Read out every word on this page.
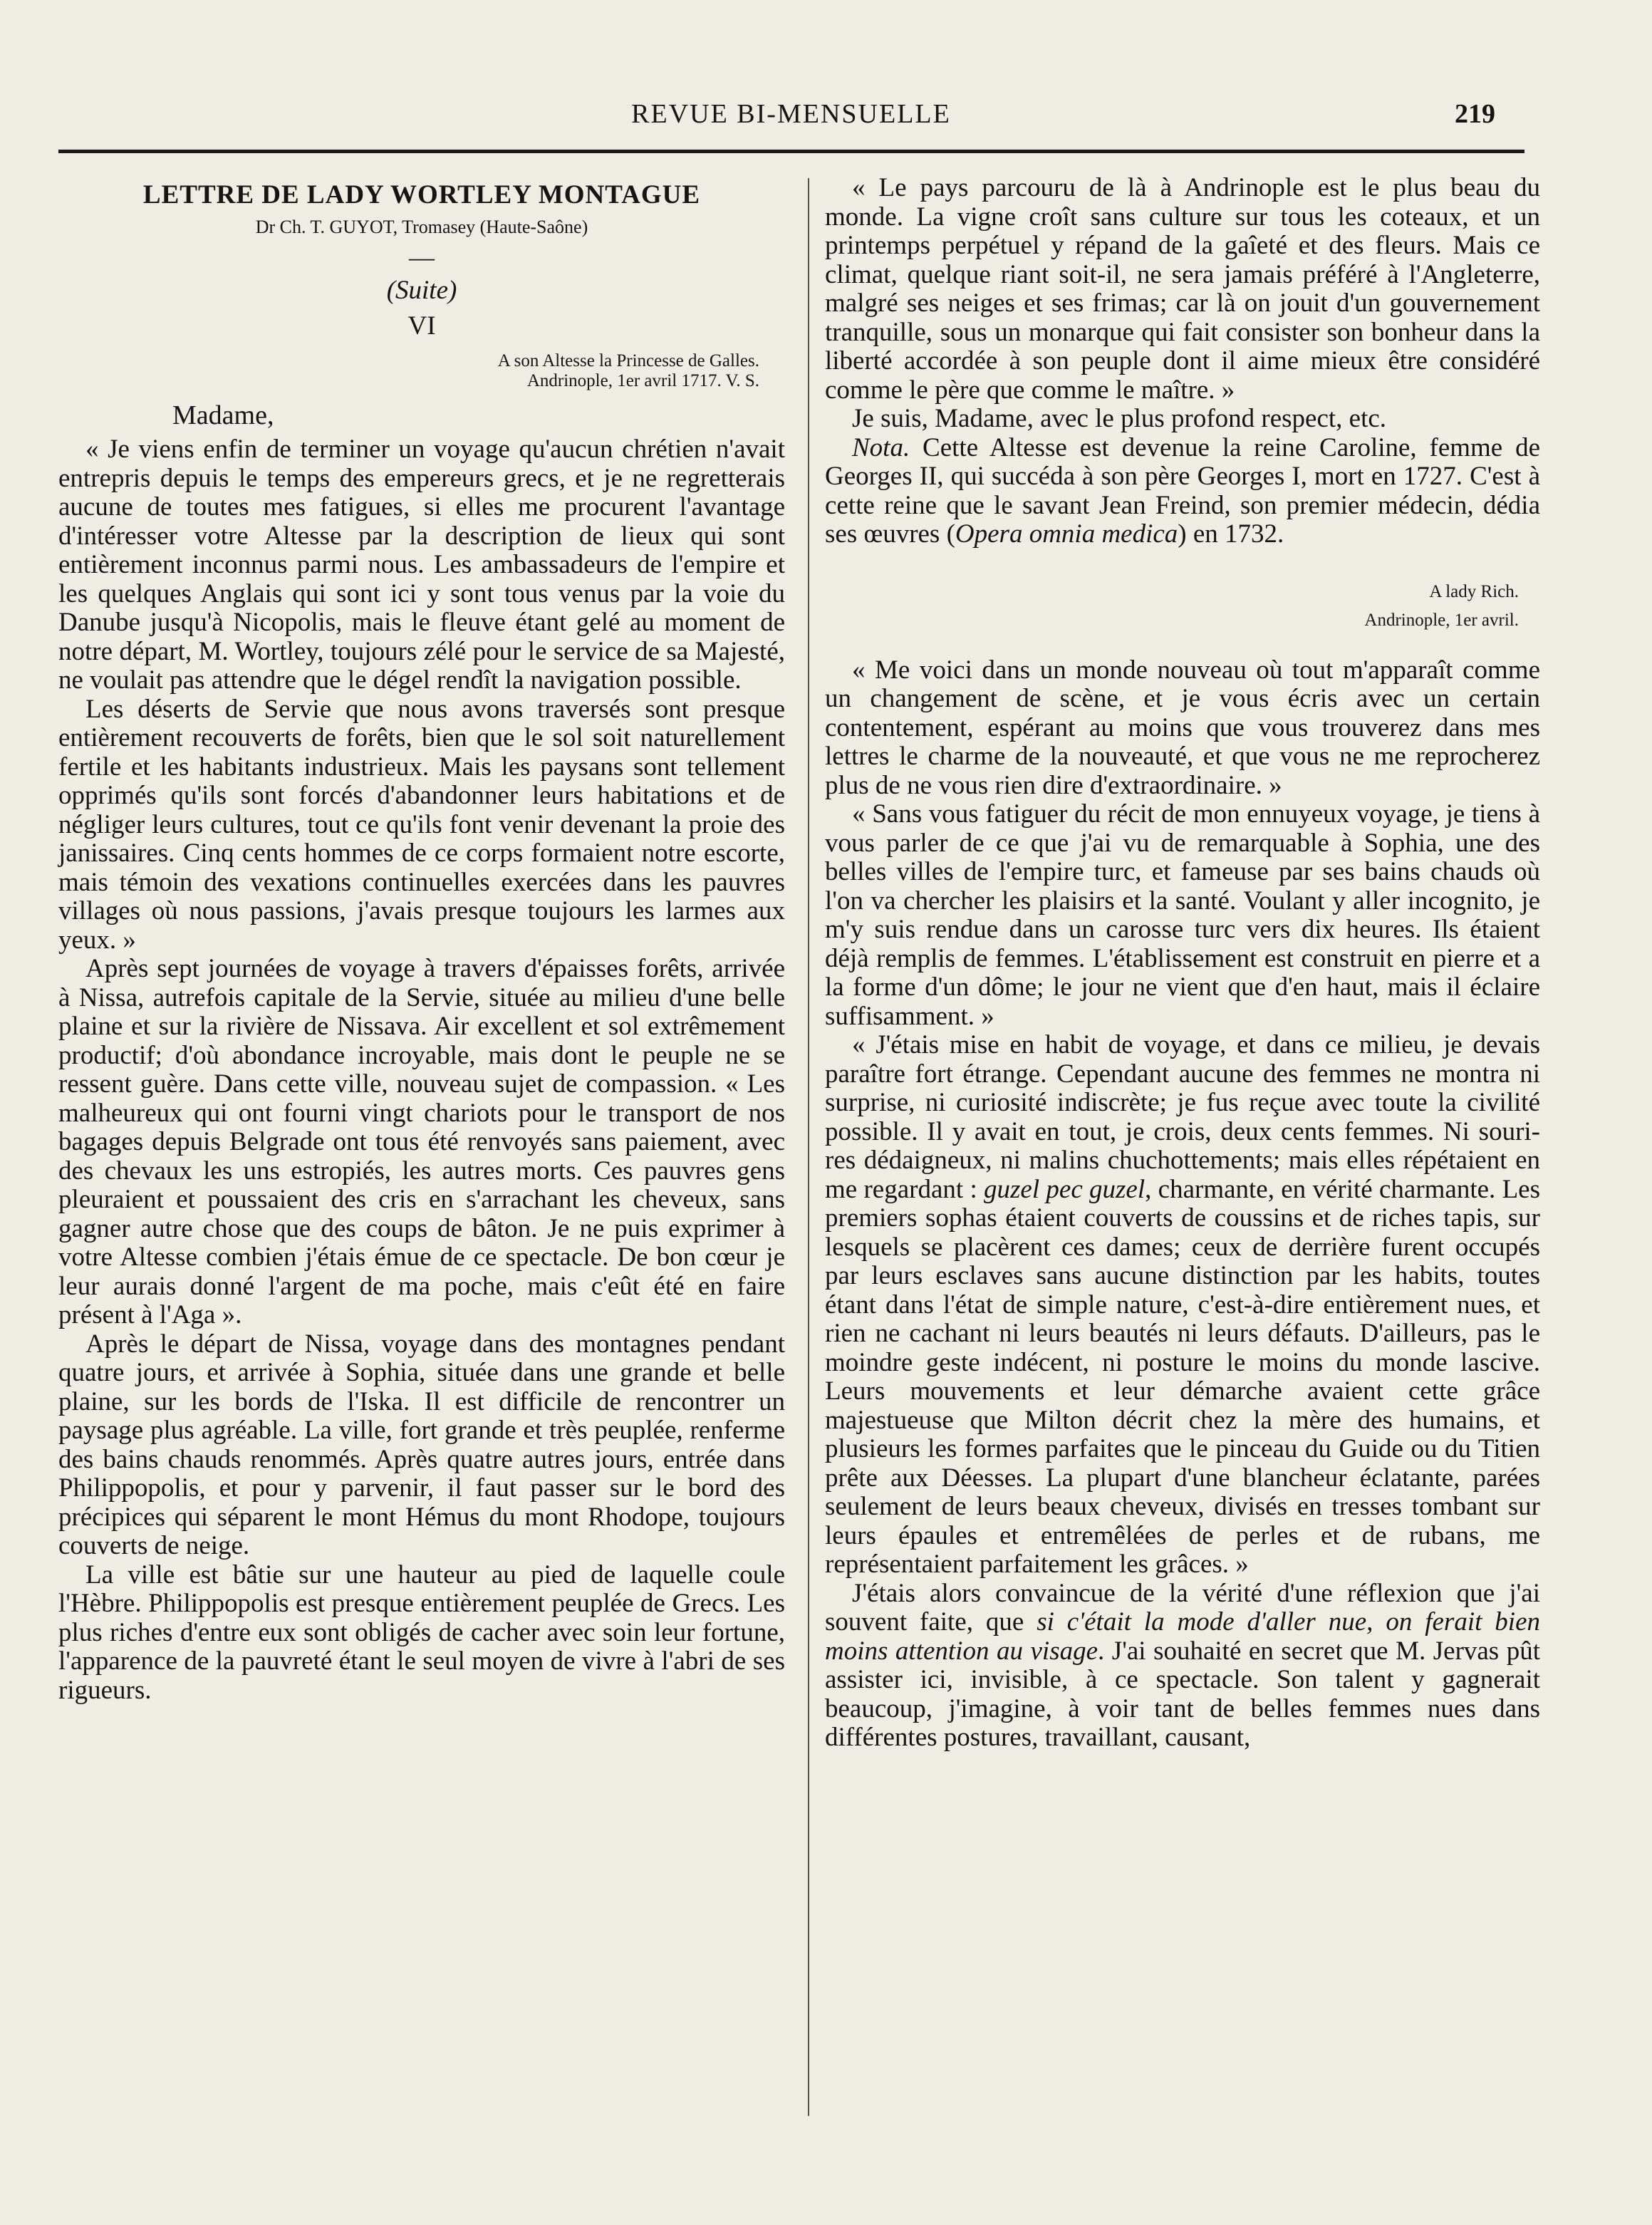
REVUE BI-MENSUELLE	219

LETTRE DE LADY WORTLEY MONTAGUE

Dr Ch. T. GUYOT, Tromasey (Haute-Saône)

—

(Suite)

VI

A son Altesse la Princesse de Galles.

Andrinople, 1er avril 1717. V. S.

Madame,

« Je viens enfin de terminer un voyage qu'aucun chrétien n'avait entrepris depuis le temps des empereurs grecs, et je ne regretterais aucune de toutes mes fatigues, si elles me procurent l'avantage d'intéresser votre Altesse par la description de lieux qui sont entièrement inconnus parmi nous. Les ambassadeurs de l'empire et les quelques Anglais qui sont ici y sont tous venus par la voie du Danube jusqu'à Nicopolis, mais le fleuve étant gelé au moment de notre départ, M. Wortley, toujours zélé pour le service de sa Majesté, ne voulait pas attendre que le dégel rendît la navigation possible.

Les déserts de Servie que nous avons traversés sont presque entièrement recouverts de forêts, bien que le sol soit naturellement fertile et les habitants industrieux. Mais les paysans sont tellement opprimés qu'ils sont forcés d'abandonner leurs habitations et de négliger leurs cultures, tout ce qu'ils font venir devenant la proie des janissaires. Cinq cents hommes de ce corps formaient notre escorte, mais témoin des vexations continuelles exercées dans les pauvres villages où nous passions, j'avais presque toujours les larmes aux yeux. »

Après sept journées de voyage à travers d'épaisses forêts, arrivée à Nissa, autrefois capitale de la Servie, située au milieu d'une belle plaine et sur la rivière de Nissava. Air excellent et sol extrêmement productif; d'où abondance incroyable, mais dont le peuple ne se ressent guère. Dans cette ville, nouveau sujet de compassion. « Les malheureux qui ont fourni vingt chariots pour le transport de nos bagages depuis Belgrade ont tous été renvoyés sans paiement, avec des chevaux les uns estropiés, les autres morts. Ces pauvres gens pleuraient et poussaient des cris en s'arrachant les cheveux, sans gagner autre chose que des coups de bâton. Je ne puis exprimer à votre Altesse combien j'étais émue de ce spectacle. De bon cœur je leur aurais donné l'argent de ma poche, mais c'eût été en faire présent à l'Aga ».

Après le départ de Nissa, voyage dans des montagnes pendant quatre jours, et arrivée à Sophia, située dans une grande et belle plaine, sur les bords de l'Iska. Il est difficile de rencontrer un paysage plus agréable. La ville, fort grande et très peuplée, renferme des bains chauds renommés. Après quatre autres jours, entrée dans Philippopolis, et pour y parvenir, il faut passer sur le bord des précipices qui séparent le mont Hémus du mont Rhodope, toujours couverts de neige.

La ville est bâtie sur une hauteur au pied de laquelle coule l'Hèbre. Philippopolis est presque entièrement peuplée de Grecs. Les plus riches d'entre eux sont obligés de cacher avec soin leur fortune, l'apparence de la pauvreté étant le seul moyen de vivre à l'abri de ses rigueurs.

« Le pays parcouru de là à Andrinople est le plus beau du monde. La vigne croît sans culture sur tous les coteaux, et un printemps perpétuel y répand de la gaîeté et des fleurs. Mais ce climat, quelque riant soit-il, ne sera jamais préféré à l'Angleterre, malgré ses neiges et ses frimas; car là on jouit d'un gouvernement tranquille, sous un monarque qui fait consister son bonheur dans la liberté accordée à son peuple dont il aime mieux être considéré comme le père que comme le maître. »

Je suis, Madame, avec le plus profond respect, etc.

Nota. Cette Altesse est devenue la reine Caroline, femme de Georges II, qui succéda à son père Georges I, mort en 1727. C'est à cette reine que le savant Jean Freind, son premier médecin, dédia ses œuvres (Opera omnia medica) en 1732.

A lady Rich.

Andrinople, 1er avril.

« Me voici dans un monde nouveau où tout m'apparaît comme un changement de scène, et je vous écris avec un certain contentement, espérant au moins que vous trouverez dans mes lettres le charme de la nouveauté, et que vous ne me reprocherez plus de ne vous rien dire d'extraordinaire. »

« Sans vous fatiguer du récit de mon ennuyeux voyage, je tiens à vous parler de ce que j'ai vu de remarquable à Sophia, une des belles villes de l'empire turc, et fameuse par ses bains chauds où l'on va chercher les plaisirs et la santé. Voulant y aller incognito, je m'y suis rendue dans un carosse turc vers dix heures. Ils étaient déjà remplis de femmes. L'établissement est construit en pierre et a la forme d'un dôme; le jour ne vient que d'en haut, mais il éclaire suffisamment. »

« J'étais mise en habit de voyage, et dans ce milieu, je devais paraître fort étrange. Cependant aucune des femmes ne montra ni surprise, ni curiosité indiscrète; je fus reçue avec toute la civilité possible. Il y avait en tout, je crois, deux cents femmes. Ni souri-res dédaigneux, ni malins chuchottements; mais elles répétaient en me regardant : guzel pec guzel, charmante, en vérité charmante. Les premiers sophas étaient couverts de coussins et de riches tapis, sur lesquels se placèrent ces dames; ceux de derrière furent occupés par leurs esclaves sans aucune distinction par les habits, toutes étant dans l'état de simple nature, c'est-à-dire entièrement nues, et rien ne cachant ni leurs beautés ni leurs défauts. D'ailleurs, pas le moindre geste indécent, ni posture le moins du monde lascive. Leurs mouvements et leur démarche avaient cette grâce majestueuse que Milton décrit chez la mère des humains, et plusieurs les formes parfaites que le pinceau du Guide ou du Titien prête aux Déesses. La plupart d'une blancheur éclatante, parées seulement de leurs beaux cheveux, divisés en tresses tombant sur leurs épaules et entremêlées de perles et de rubans, me représentaient parfaitement les grâces. »

J'étais alors convaincue de la vérité d'une réflexion que j'ai souvent faite, que si c'était la mode d'aller nue, on ferait bien moins attention au visage. J'ai souhaité en secret que M. Jervas pût assister ici, invisible, à ce spectacle. Son talent y gagnerait beaucoup, j'imagine, à voir tant de belles femmes nues dans différentes postures, travaillant, causant,
